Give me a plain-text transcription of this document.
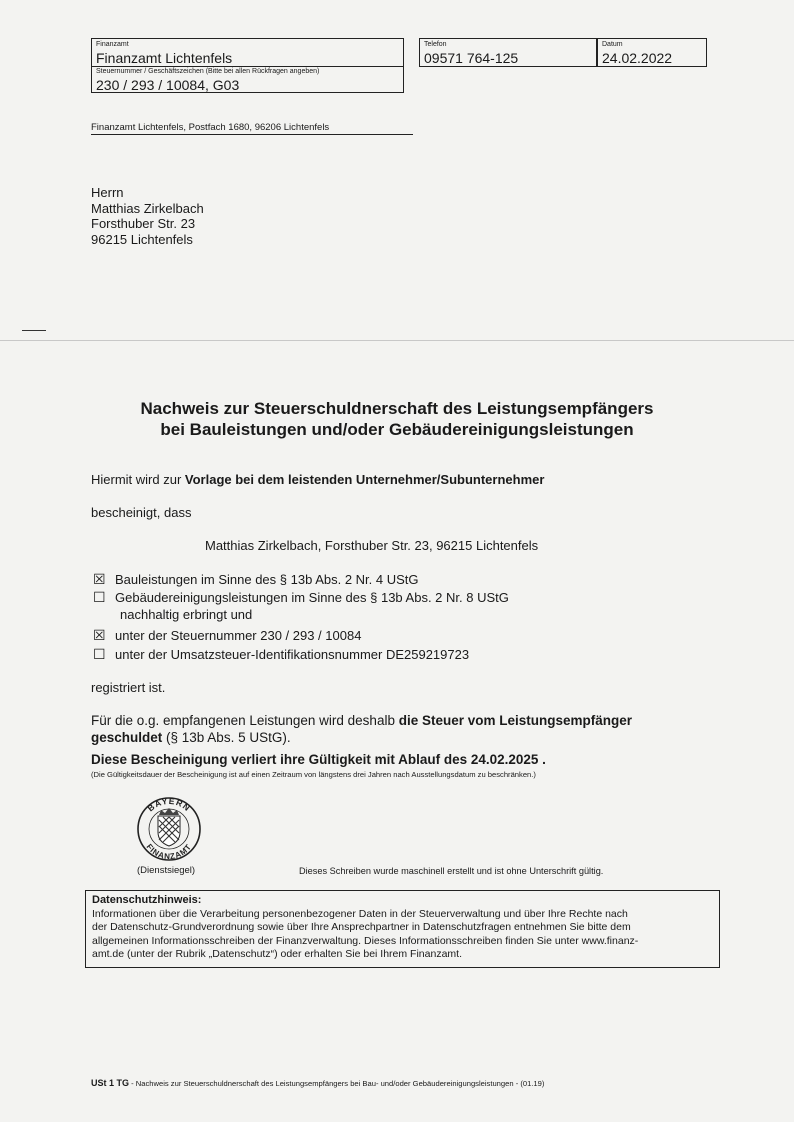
Finanzamt
Finanzamt Lichtenfels
Steuernummer / Geschäftszeichen (Bitte bei allen Rückfragen angeben)
230 / 293 / 10084, G03
Telefon
09571 764-125
Datum
24.02.2022
Finanzamt Lichtenfels, Postfach 1680, 96206 Lichtenfels
Herrn
Matthias Zirkelbach
Forsthuber Str. 23
96215 Lichtenfels
Nachweis zur Steuerschuldnerschaft des Leistungsempfängers
bei Bauleistungen und/oder Gebäudereinigungsleistungen
Hiermit wird zur Vorlage bei dem leistenden Unternehmer/Subunternehmer
bescheinigt, dass
Matthias Zirkelbach, Forsthuber Str. 23, 96215 Lichtenfels
☒ Bauleistungen im Sinne des § 13b Abs. 2 Nr. 4 UStG
☐ Gebäudereinigungsleistungen im Sinne des § 13b Abs. 2 Nr. 8 UStG
nachhaltig erbringt und
☒ unter der Steuernummer 230 / 293 / 10084
☐ unter der Umsatzsteuer-Identifikationsnummer DE259219723
registriert ist.
Für die o.g. empfangenen Leistungen wird deshalb die Steuer vom Leistungsempfänger
geschuldet (§ 13b Abs. 5 UStG).
Diese Bescheinigung verliert ihre Gültigkeit mit Ablauf des 24.02.2025 .
(Die Gültigkeitsdauer der Bescheinigung ist auf einen Zeitraum von längstens drei Jahren nach Ausstellungsdatum zu beschränken.)
BAYERN
FINANZAMT
(Dienstsiegel)	Dieses Schreiben wurde maschinell erstellt und ist ohne Unterschrift gültig.
Datenschutzhinweis:
Informationen über die Verarbeitung personenbezogener Daten in der Steuerverwaltung und über Ihre Rechte nach
der Datenschutz-Grundverordnung sowie über Ihre Ansprechpartner in Datenschutzfragen entnehmen Sie bitte dem
allgemeinen Informationsschreiben der Finanzverwaltung. Dieses Informationsschreiben finden Sie unter www.finanz-
amt.de (unter der Rubrik „Datenschutz“) oder erhalten Sie bei Ihrem Finanzamt.
USt 1 TG - Nachweis zur Steuerschuldnerschaft des Leistungsempfängers bei Bau- und/oder Gebäudereinigungsleistungen - (01.19)
